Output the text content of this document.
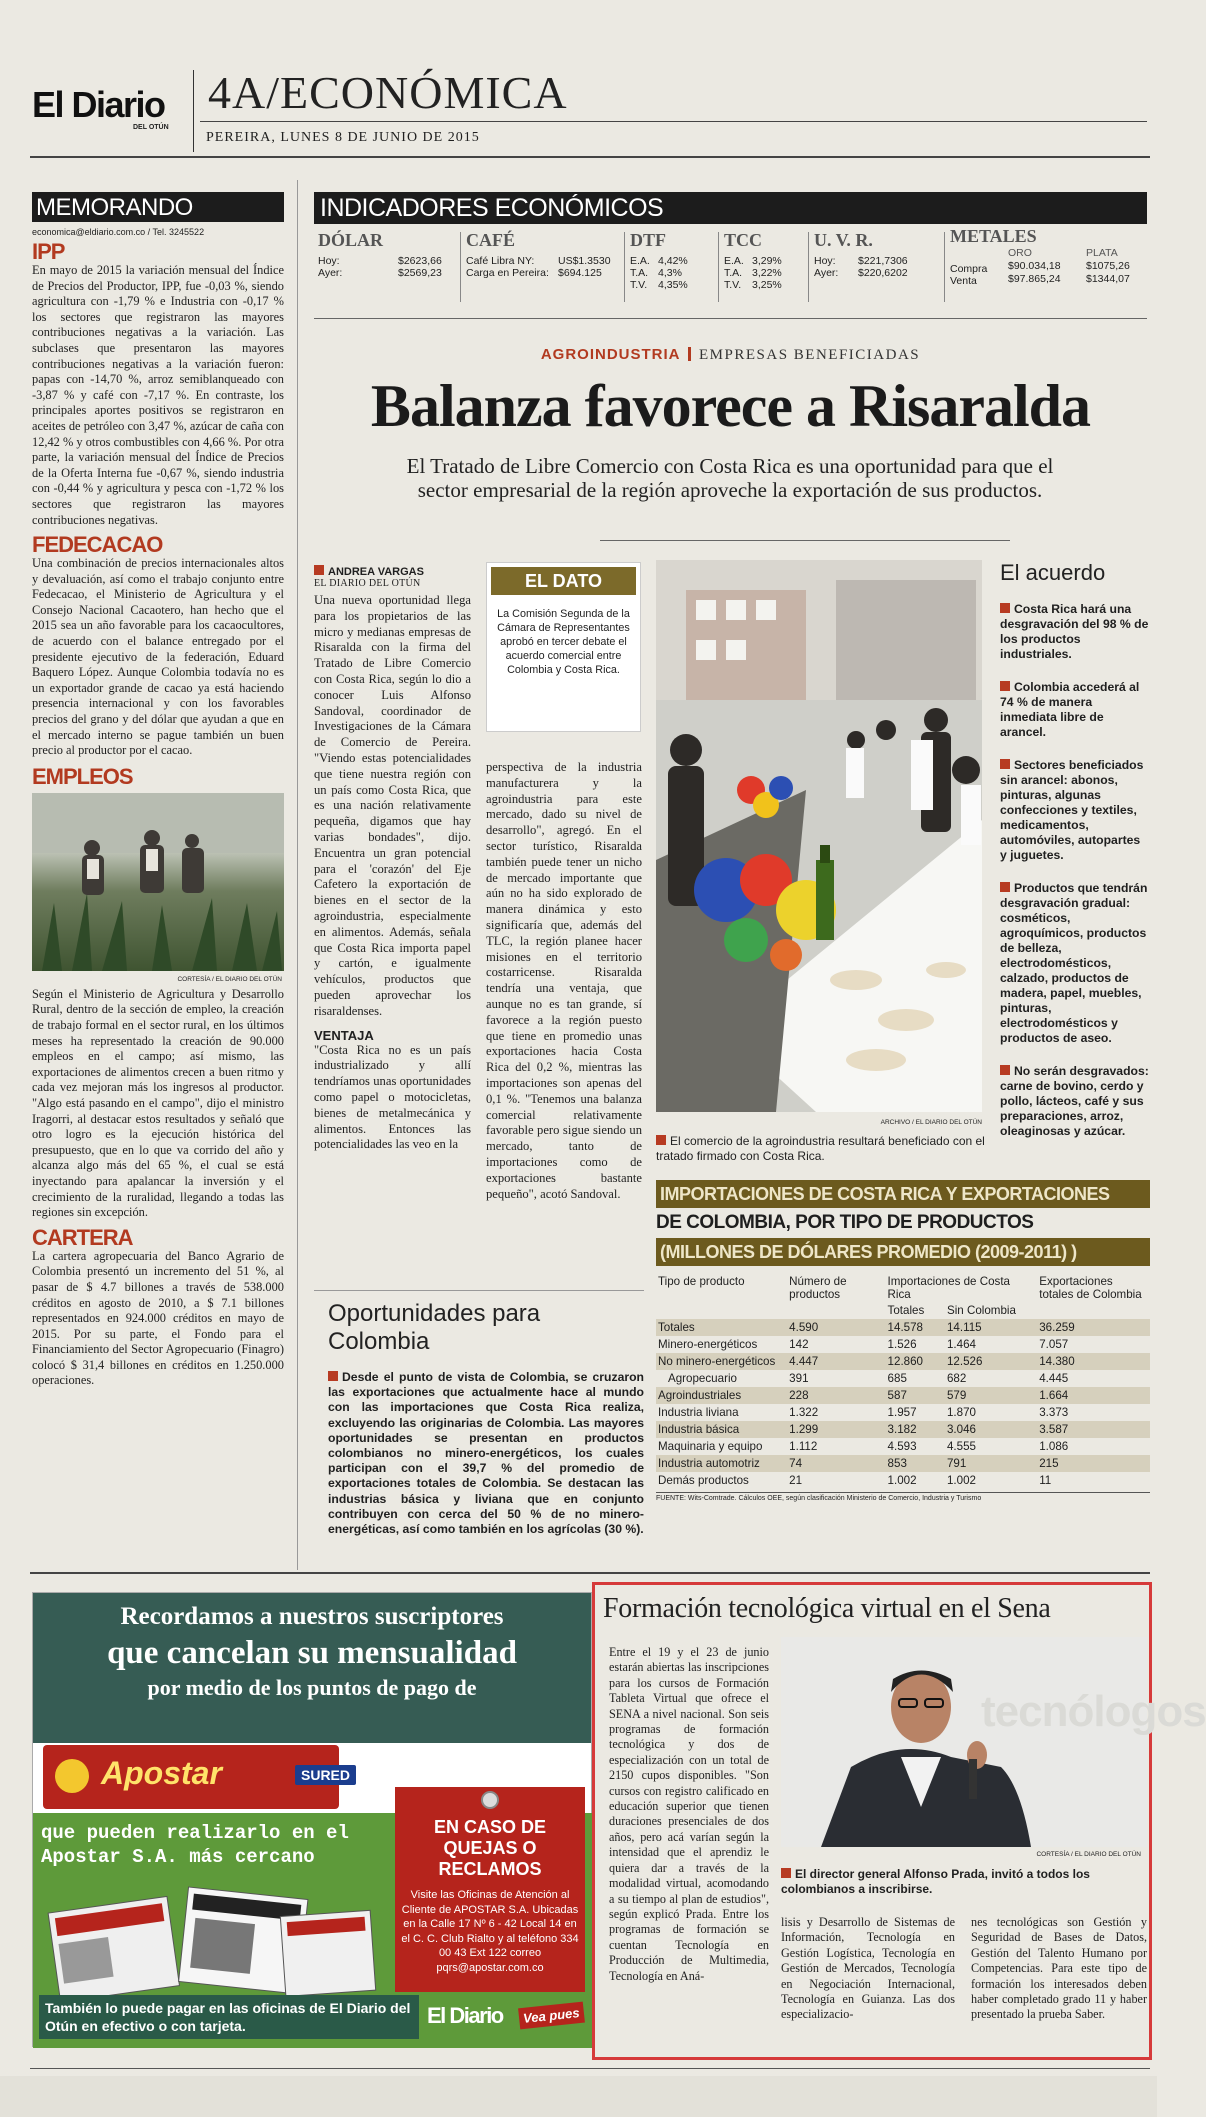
El Diario
DEL OTÚN
4A/ECONÓMICA
PEREIRA, LUNES 8 DE JUNIO DE 2015
MEMORANDO
economica@eldiario.com.co / Tel. 3245522
IPP
En mayo de 2015 la variación mensual del Índice de Precios del Productor, IPP, fue -0,03 %, siendo agricultura con -1,79 % e Industria con -0,17 % los sectores que registraron las mayores contribuciones negativas a la variación. Las subclases que presentaron las mayores contribuciones negativas a la variación fueron: papas con -14,70 %, arroz semiblanqueado con -3,87 % y café con -7,17 %. En contraste, los principales aportes positivos se registraron en aceites de petróleo con 3,47 %, azúcar de caña con 12,42 % y otros combustibles con 4,66 %. Por otra parte, la variación mensual del Índice de Precios de la Oferta Interna fue -0,67 %, siendo industria con -0,44 % y agricultura y pesca con -1,72 % los sectores que registraron las mayores contribuciones negativas.
FEDECACAO
Una combinación de precios internacionales altos y devaluación, así como el trabajo conjunto entre Fedecacao, el Ministerio de Agricultura y el Consejo Nacional Cacaotero, han hecho que el 2015 sea un año favorable para los cacaocultores, de acuerdo con el balance entregado por el presidente ejecutivo de la federación, Eduard Baquero López. Aunque Colombia todavía no es un exportador grande de cacao ya está haciendo presencia internacional y con los favorables precios del grano y del dólar que ayudan a que en el mercado interno se pague también un buen precio al productor por el cacao.
EMPLEOS
CORTESÍA / EL DIARIO DEL OTÚN
Según el Ministerio de Agricultura y Desarrollo Rural, dentro de la sección de empleo, la creación de trabajo formal en el sector rural, en los últimos meses ha representado la creación de 90.000 empleos en el campo; así mismo, las exportaciones de alimentos crecen a buen ritmo y cada vez mejoran más los ingresos al productor. "Algo está pasando en el campo", dijo el ministro Iragorri, al destacar estos resultados y señaló que otro logro es la ejecución histórica del presupuesto, que en lo que va corrido del año y alcanza algo más del 65 %, el cual se está inyectando para apalancar la inversión y el crecimiento de la ruralidad, llegando a todas las regiones sin excepción.
CARTERA
La cartera agropecuaria del Banco Agrario de Colombia presentó un incremento del 51 %, al pasar de $ 4.7 billones a través de 538.000 créditos en agosto de 2010, a $ 7.1 billones representados en 924.000 créditos en mayo de 2015. Por su parte, el Fondo para el Financiamiento del Sector Agropecuario (Finagro) colocó $ 31,4 billones en créditos en 1.250.000 operaciones.
INDICADORES ECONÓMICOS
DÓLAR
Hoy:	$2623,66
Ayer:	$2569,23
CAFÉ
Café Libra NY: US$1.3530
Carga en Pereira: $694.125
DTF
E.A. 4,42%
T.A. 4,3%
T.V. 4,35%
TCC
E.A. 3,29%
T.A. 3,22%
T.V. 3,25%
U. V. R.
Hoy: $221,7306
Ayer: $220,6202
METALES
ORO	PLATA
Compra $90.034,18 $1075,26
Venta	$97.865,24 $1344,07
AGROINDUSTRIA EMPRESAS BENEFICIADAS
Balanza favorece a Risaralda
El Tratado de Libre Comercio con Costa Rica es una oportunidad para que el sector empresarial de la región aproveche la exportación de sus productos.
ANDREA VARGAS
EL DIARIO DEL OTÚN
Una nueva oportunidad llega para los propietarios de las micro y medianas empresas de Risaralda con la firma del Tratado de Libre Comercio con Costa Rica, según lo dio a conocer Luis Alfonso Sandoval, coordinador de Investigaciones de la Cámara de Comercio de Pereira. "Viendo estas potencialidades que tiene nuestra región con un país como Costa Rica, que es una nación relativamente pequeña, digamos que hay varias bondades", dijo. Encuentra un gran potencial para el 'corazón' del Eje Cafetero la exportación de bienes en el sector de la agroindustria, especialmente en alimentos. Además, señala que Costa Rica importa papel y cartón, e igualmente vehículos, productos que pueden aprovechar los risaraldenses.
VENTAJA
"Costa Rica no es un país industrializado y allí tendríamos unas oportunidades como papel o motocicletas, bienes de metalmecánica y alimentos. Entonces las potencialidades las veo en la
EL DATO
La Comisión Segunda de la Cámara de Representantes aprobó en tercer debate el acuerdo comercial entre Colombia y Costa Rica.
perspectiva de la industria manufacturera y la agroindustria para este mercado, dado su nivel de desarrollo", agregó. En el sector turístico, Risaralda también puede tener un nicho de mercado importante que aún no ha sido explorado de manera dinámica y esto significaría que, además del TLC, la región planee hacer misiones en el territorio costarricense. Risaralda tendría una ventaja, que aunque no es tan grande, sí favorece a la región puesto que tiene en promedio unas exportaciones hacia Costa Rica del 0,2 %, mientras las importaciones son apenas del 0,1 %. "Tenemos una balanza comercial relativamente favorable pero sigue siendo un mercado, tanto de importaciones como de exportaciones bastante pequeño", acotó Sandoval.
ARCHIVO / EL DIARIO DEL OTÚN
El comercio de la agroindustria resultará beneficiado con el tratado firmado con Costa Rica.
El acuerdo
Costa Rica hará una desgravación del 98 % de los productos industriales.
Colombia accederá al 74 % de manera inmediata libre de arancel.
Sectores beneficiados sin arancel: abonos, pinturas, algunas confecciones y textiles, medicamentos, automóviles, autopartes y juguetes.
Productos que tendrán desgravación gradual: cosméticos, agroquímicos, productos de belleza, electrodomésticos, calzado, productos de madera, papel, muebles, pinturas, electrodomésticos y productos de aseo.
No serán desgravados: carne de bovino, cerdo y pollo, lácteos, café y sus preparaciones, arroz, oleaginosas y azúcar.
Oportunidades para Colombia
Desde el punto de vista de Colombia, se cruzaron las exportaciones que actualmente hace al mundo con las importaciones que Costa Rica realiza, excluyendo las originarias de Colombia. Las mayores oportunidades se presentan en productos colombianos no minero-energéticos, los cuales participan con el 39,7 % del promedio de exportaciones totales de Colombia. Se destacan las industrias básica y liviana que en conjunto contribuyen con cerca del 50 % de no minero-energéticas, así como también en los agrícolas (30 %).
IMPORTACIONES DE COSTA RICA Y EXPORTACIONES
DE COLOMBIA, POR TIPO DE PRODUCTOS
(MILLONES DE DÓLARES PROMEDIO (2009-2011) )
Tipo de producto	Número de productos	Importaciones de Costa Rica		Exportaciones totales de Colombia
		Totales	Sin Colombia	
Totales	4.590	14.578	14.115	36.259
Minero-energéticos	142	1.526	1.464	7.057
No minero-energéticos	4.447	12.860	12.526	14.380
Agropecuario	391	685	682	4.445
Agroindustriales	228	587	579	1.664
Industria liviana	1.322	1.957	1.870	3.373
Industria básica	1.299	3.182	3.046	3.587
Maquinaria y equipo	1.112	4.593	4.555	1.086
Industria automotriz	74	853	791	215
Demás productos	21	1.002	1.002	11
FUENTE: Wits-Comtrade. Cálculos OEE, según clasificación Ministerio de Comercio, Industria y Turismo
Recordamos a nuestros suscriptores
que cancelan su mensualidad
por medio de los puntos de pago de
Apostar	SURED
que pueden realizarlo en el Apostar S.A. más cercano
EN CASO DE QUEJAS O RECLAMOS
Visite las Oficinas de Atención al Cliente de APOSTAR S.A. Ubicadas en la Calle 17 Nº 6 - 42 Local 14 en el C. C. Club Rialto y al teléfono 334 00 43 Ext 122 correo pqrs@apostar.com.co
También lo puede pagar en las oficinas de El Diario del Otún en efectivo o con tarjeta.	El Diario	Vea pues
Formación tecnológica virtual en el Sena
Entre el 19 y el 23 de junio estarán abiertas las inscripciones para los cursos de Formación Tableta Virtual que ofrece el SENA a nivel nacional. Son seis programas de formación tecnológica y dos de especialización con un total de 2150 cupos disponibles. "Son cursos con registro calificado en educación superior que tienen duraciones presenciales de dos años, pero acá varían según la intensidad que el aprendiz le quiera dar a través de la modalidad virtual, acomodando a su tiempo al plan de estudios", según explicó Prada. Entre los programas de formación se cuentan Tecnología en Producción de Multimedia, Tecnología en Aná-
tecnólogos
CORTESÍA / EL DIARIO DEL OTÚN
El director general Alfonso Prada, invitó a todos los colombianos a inscribirse.
lisis y Desarrollo de Sistemas de Información, Tecnología en Gestión Logística, Tecnología en Gestión de Mercados, Tecnología en Negociación Internacional, Tecnología en Guianza. Las dos especializacio-
nes tecnológicas son Gestión y Seguridad de Bases de Datos, Gestión del Talento Humano por Competencias. Para este tipo de formación los interesados deben haber completado grado 11 y haber presentado la prueba Saber.
